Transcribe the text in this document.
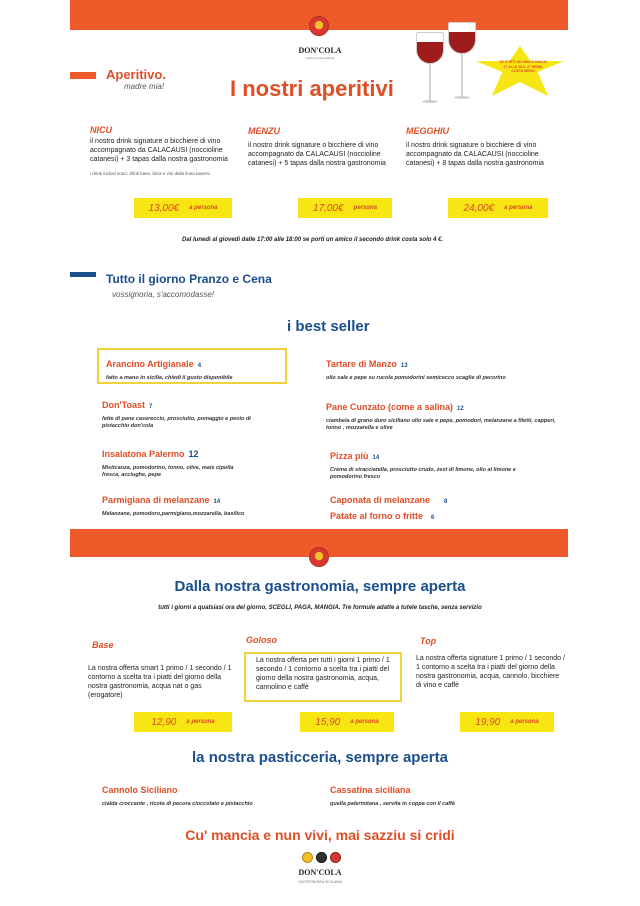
DON'COLA
Gastronomia siciliana
Aperitivo.
madre mia!	I nostri aperitivi
SE PORTI UN AMICO DALLE 17 ALLE 18 IL 2° DRINK COSTA MENO
NICU
il nostro drink signature o bicchiere di vino accompagnato da CALACAUSI (noccioline catanesi) + 3 tapas dalla nostra gastronomia
i drink inclusi sono: drink base, birra e vini della linea taverni.
13,00€ a persona
MENZU
il nostro drink signature o bicchiere di vino accompagnato da CALACAUSI (noccioline catanesi) + 5 tapas dalla nostra gastronomia
17,00€ persona
MEGGHIU
il nostro drink signature o bicchiere di vino accompagnato da CALACAUSI (noccioline catanesi) + 8 tapas dalla nostra gastronomia
24,00€ a persona
Dal lunedì al giovedì dalle 17:00 alle 18:00 se porti un amico il secondo drink costa solo 4 €.
Tutto il giorno Pranzo e Cena
vossignoria, s'accomodasse!
i best seller
Arancino Artigianale 4
fatto a mano in sicilia, chiedi il gusto disponibile
Don'Toast 7
fette di pane casereccio, prosciutto, pomaggio e pesto di pistacchio don'cola
Insalatona Palermo 12
Misticanza, pomodorino, tonno, olive, mais cipolla fresca, acciughe, pepe
Parmigiana di melanzane 14
Melanzane, pomodoro,parmigiano,mozzarella, basilico
Tartare di Manzo 13
olio sale e pepe su rucola pomodorini semicecco scaglie di pecorino
Pane Cunzato (come a salina) 12
ciambela di grano duro siciliano olio sale e pepe, pomodori, melanzane a filetti, capperi, tonno , mozzarella e olive
Pizza più 14
Crema di stracciatella, prosciutto crudo, zest di limone, olio al limone e pomodorino fresco
Caponata di melanzane 8
Patate al forno o fritte 6
Dalla nostra gastronomia, sempre aperta
tutti i giorni a qualsiasi ora del giorno, SCEGLI, PAGA, MANGIA. Tre formule adatte a tutele tasche, senza servizio
Base
La nostra offerta smart 1 primo / 1 secondo / 1 contorno a scelta tra i piatti del giorno della nostra gastronomia, acqua nat o gas (erogatore)
12,90 a persona
Goloso
La nostra offerta per tutti i giorni 1 primo / 1 secondo / 1 contorno a scelta tra i piatti del giorno della nostra gastronomia, acqua, cannolino e caffè
15,90 a persona
Top
La nostra offerta signature 1 primo / 1 secondo / 1 contorno a scelta tra i piatti del giorno della nostra gastronomia, acqua, cannolo, bicchiere di vino e caffè
19,90 a persona
la nostra pasticceria, sempre aperta
Cannolo Siciliano
cialda croccante , ricota di pecora cioccolato e pistacchio
Cassatina siciliana
quella palermitana , servita in coppa con il caffè
Cu' mancia e nun vivi, mai sazziu si cridi
DON'COLA
GASTRONOMIA SICILIANA
